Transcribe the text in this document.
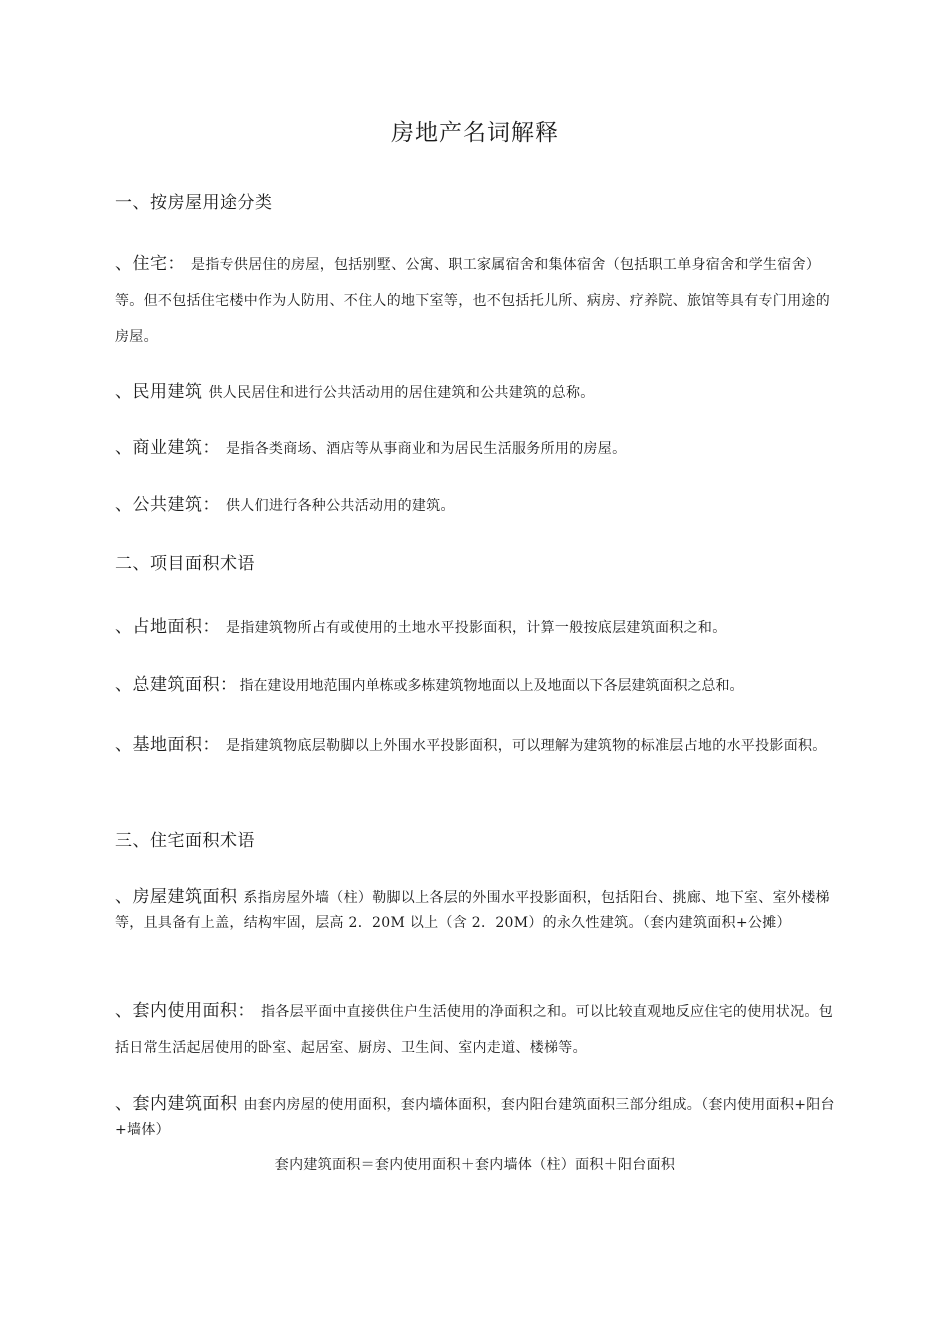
房地产名词解释
一、按房屋用途分类
、住宅： 是指专供居住的房屋，包括别墅、公寓、职工家属宿舍和集体宿舍（包括职工单身宿舍和学生宿舍）等。但不包括住宅楼中作为人防用、不住人的地下室等，也不包括托儿所、病房、疗养院、旅馆等具有专门用途的房屋。
、民用建筑 供人民居住和进行公共活动用的居住建筑和公共建筑的总称。
、商业建筑： 是指各类商场、酒店等从事商业和为居民生活服务所用的房屋。
、公共建筑： 供人们进行各种公共活动用的建筑。
二、项目面积术语
、占地面积： 是指建筑物所占有或使用的土地水平投影面积，计算一般按底层建筑面积之和。
、总建筑面积： 指在建设用地范围内单栋或多栋建筑物地面以上及地面以下各层建筑面积之总和。
、基地面积： 是指建筑物底层勒脚以上外围水平投影面积，可以理解为建筑物的标准层占地的水平投影面积。
三、住宅面积术语
、房屋建筑面积 系指房屋外墙（柱）勒脚以上各层的外围水平投影面积，包括阳台、挑廊、地下室、室外楼梯等，且具备有上盖，结构牢固，层高 2．20M 以上（含 2．20M）的永久性建筑。（套内建筑面积+公摊）
、套内使用面积： 指各层平面中直接供住户生活使用的净面积之和。可以比较直观地反应住宅的使用状况。包括日常生活起居使用的卧室、起居室、厨房、卫生间、室内走道、楼梯等。
、套内建筑面积 由套内房屋的使用面积，套内墙体面积，套内阳台建筑面积三部分组成。（套内使用面积+阳台+墙体）
套内建筑面积＝套内使用面积＋套内墙体（柱）面积＋阳台面积
